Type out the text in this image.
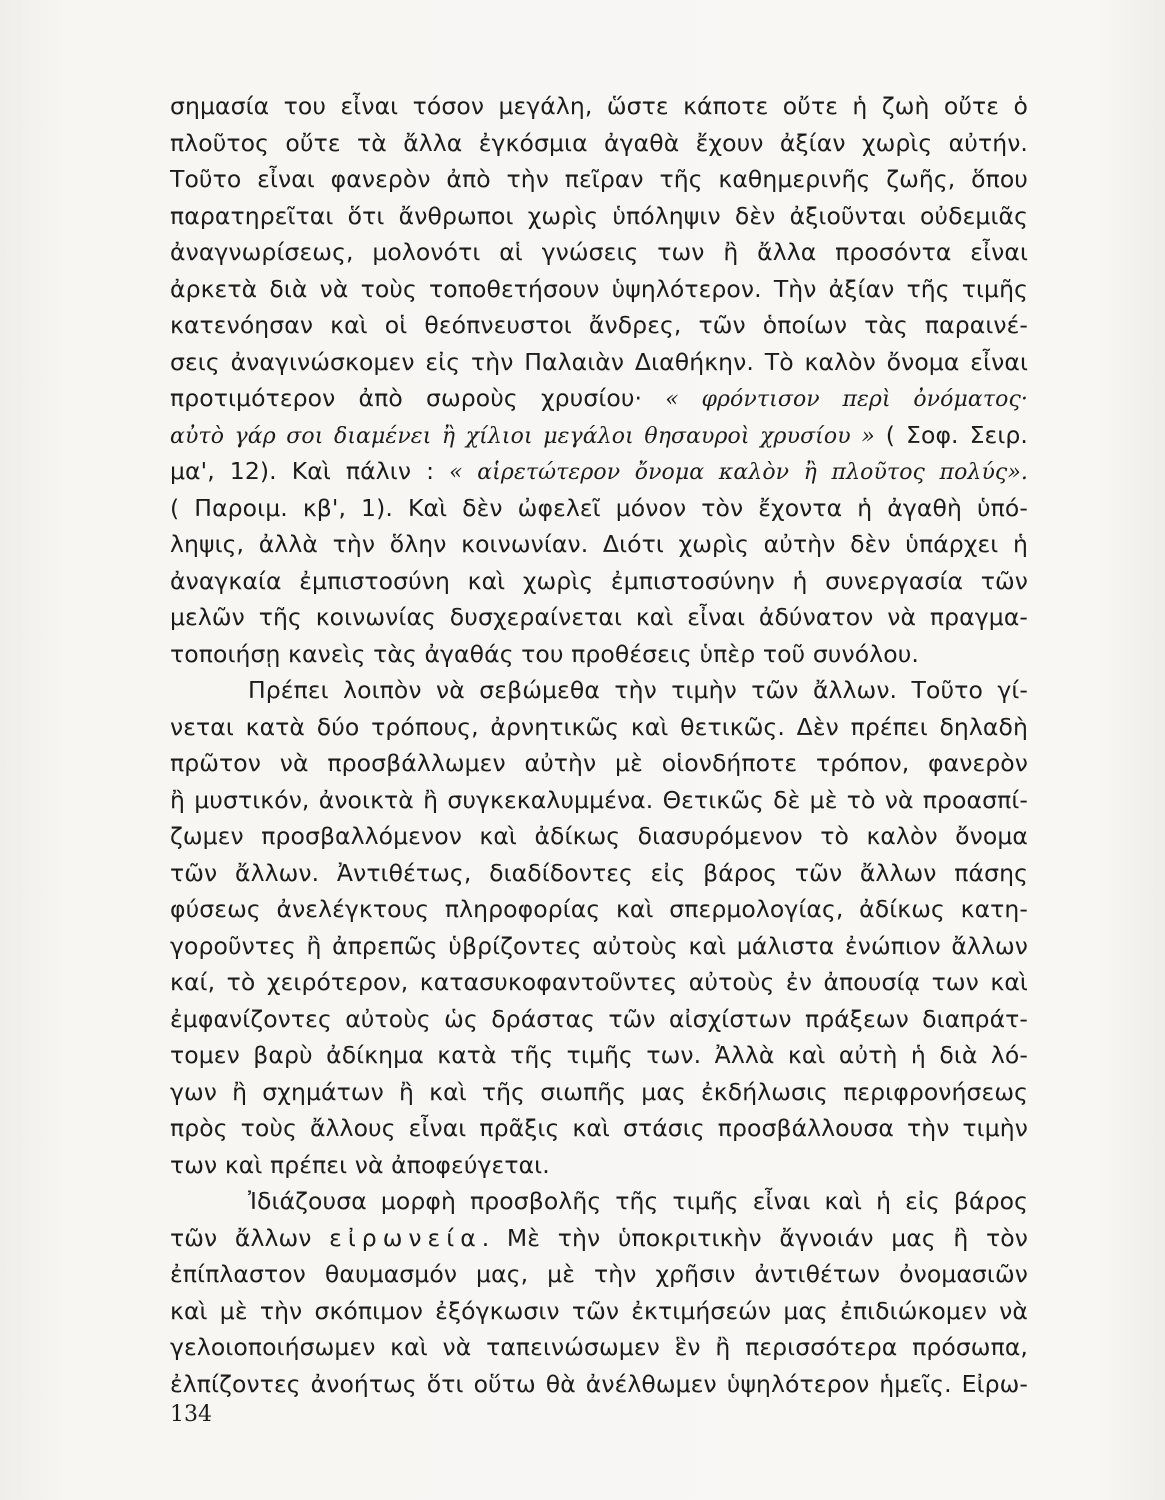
σημασία του εἶναι τόσον μεγάλη, ὥστε κάποτε οὔτε ἡ ζωὴ οὔτε ὁ
πλοῦτος οὔτε τὰ ἄλλα ἐγκόσμια ἀγαθὰ ἔχουν ἀξίαν χωρὶς αὐτήν.
Τοῦτο εἶναι φανερὸν ἀπὸ τὴν πεῖραν τῆς καθημερινῆς ζωῆς, ὅπου
παρατηρεῖται ὅτι ἄνθρωποι χωρὶς ὑπόληψιν δὲν ἀξιοῦνται οὐδεμιᾶς
ἀναγνωρίσεως, μολονότι αἱ γνώσεις των ἢ ἄλλα προσόντα εἶναι
ἀρκετὰ διὰ νὰ τοὺς τοποθετήσουν ὑψηλότερον. Τὴν ἀξίαν τῆς τιμῆς
κατενόησαν καὶ οἱ θεόπνευστοι ἄνδρες, τῶν ὁποίων τὰς παραινέ-
σεις ἀναγινώσκομεν εἰς τὴν Παλαιὰν Διαθήκην. Τὸ καλὸν ὄνομα εἶναι
προτιμότερον ἀπὸ σωροὺς χρυσίου· « φρόντισον περὶ ὀνόματος·
αὐτὸ γάρ σοι διαμένει ἢ χίλιοι μεγάλοι θησαυροὶ χρυσίου » ( Σοφ. Σειρ.
μα', 12). Καὶ πάλιν : « αἱρετώτερον ὄνομα καλὸν ἢ πλοῦτος πολύς».
( Παροιμ. κβ', 1). Καὶ δὲν ὠφελεῖ μόνον τὸν ἔχοντα ἡ ἀγαθὴ ὑπό-
ληψις, ἀλλὰ τὴν ὅλην κοινωνίαν. Διότι χωρὶς αὐτὴν δὲν ὑπάρχει ἡ
ἀναγκαία ἐμπιστοσύνη καὶ χωρὶς ἐμπιστοσύνην ἡ συνεργασία τῶν
μελῶν τῆς κοινωνίας δυσχεραίνεται καὶ εἶναι ἀδύνατον νὰ πραγμα-
τοποιήσῃ κανεὶς τὰς ἀγαθάς του προθέσεις ὑπὲρ τοῦ συνόλου.
Πρέπει λοιπὸν νὰ σεβώμεθα τὴν τιμὴν τῶν ἄλλων. Τοῦτο γί-
νεται κατὰ δύο τρόπους, ἀρνητικῶς καὶ θετικῶς. Δὲν πρέπει δηλαδὴ
πρῶτον νὰ προσβάλλωμεν αὐτὴν μὲ οἱονδήποτε τρόπον, φανερὸν
ἢ μυστικόν, ἀνοικτὰ ἢ συγκεκαλυμμένα. Θετικῶς δὲ μὲ τὸ νὰ προασπί-
ζωμεν προσβαλλόμενον καὶ ἀδίκως διασυρόμενον τὸ καλὸν ὄνομα
τῶν ἄλλων. Ἀντιθέτως, διαδίδοντες εἰς βάρος τῶν ἄλλων πάσης
φύσεως ἀνελέγκτους πληροφορίας καὶ σπερμολογίας, ἀδίκως κατη-
γοροῦντες ἢ ἀπρεπῶς ὑβρίζοντες αὐτοὺς καὶ μάλιστα ἐνώπιον ἄλλων
καί, τὸ χειρότερον, κατασυκοφαντοῦντες αὐτοὺς ἐν ἀπουσίᾳ των καὶ
ἐμφανίζοντες αὐτοὺς ὡς δράστας τῶν αἰσχίστων πράξεων διαπράτ-
τομεν βαρὺ ἀδίκημα κατὰ τῆς τιμῆς των. Ἀλλὰ καὶ αὐτὴ ἡ διὰ λό-
γων ἢ σχημάτων ἢ καὶ τῆς σιωπῆς μας ἐκδήλωσις περιφρονήσεως
πρὸς τοὺς ἄλλους εἶναι πρᾶξις καὶ στάσις προσβάλλουσα τὴν τιμὴν
των καὶ πρέπει νὰ ἀποφεύγεται.
Ἰδιάζουσα μορφὴ προσβολῆς τῆς τιμῆς εἶναι καὶ ἡ εἰς βάρος
τῶν ἄλλων εἰρωνεία. Μὲ τὴν ὑποκριτικὴν ἄγνοιάν μας ἢ τὸν
ἐπίπλαστον θαυμασμόν μας, μὲ τὴν χρῆσιν ἀντιθέτων ὀνομασιῶν
καὶ μὲ τὴν σκόπιμον ἐξόγκωσιν τῶν ἐκτιμήσεών μας ἐπιδιώκομεν νὰ
γελοιοποιήσωμεν καὶ νὰ ταπεινώσωμεν ἓν ἢ περισσότερα πρόσωπα,
ἐλπίζοντες ἀνοήτως ὅτι οὕτω θὰ ἀνέλθωμεν ὑψηλότερον ἡμεῖς. Εἰρω-
134
